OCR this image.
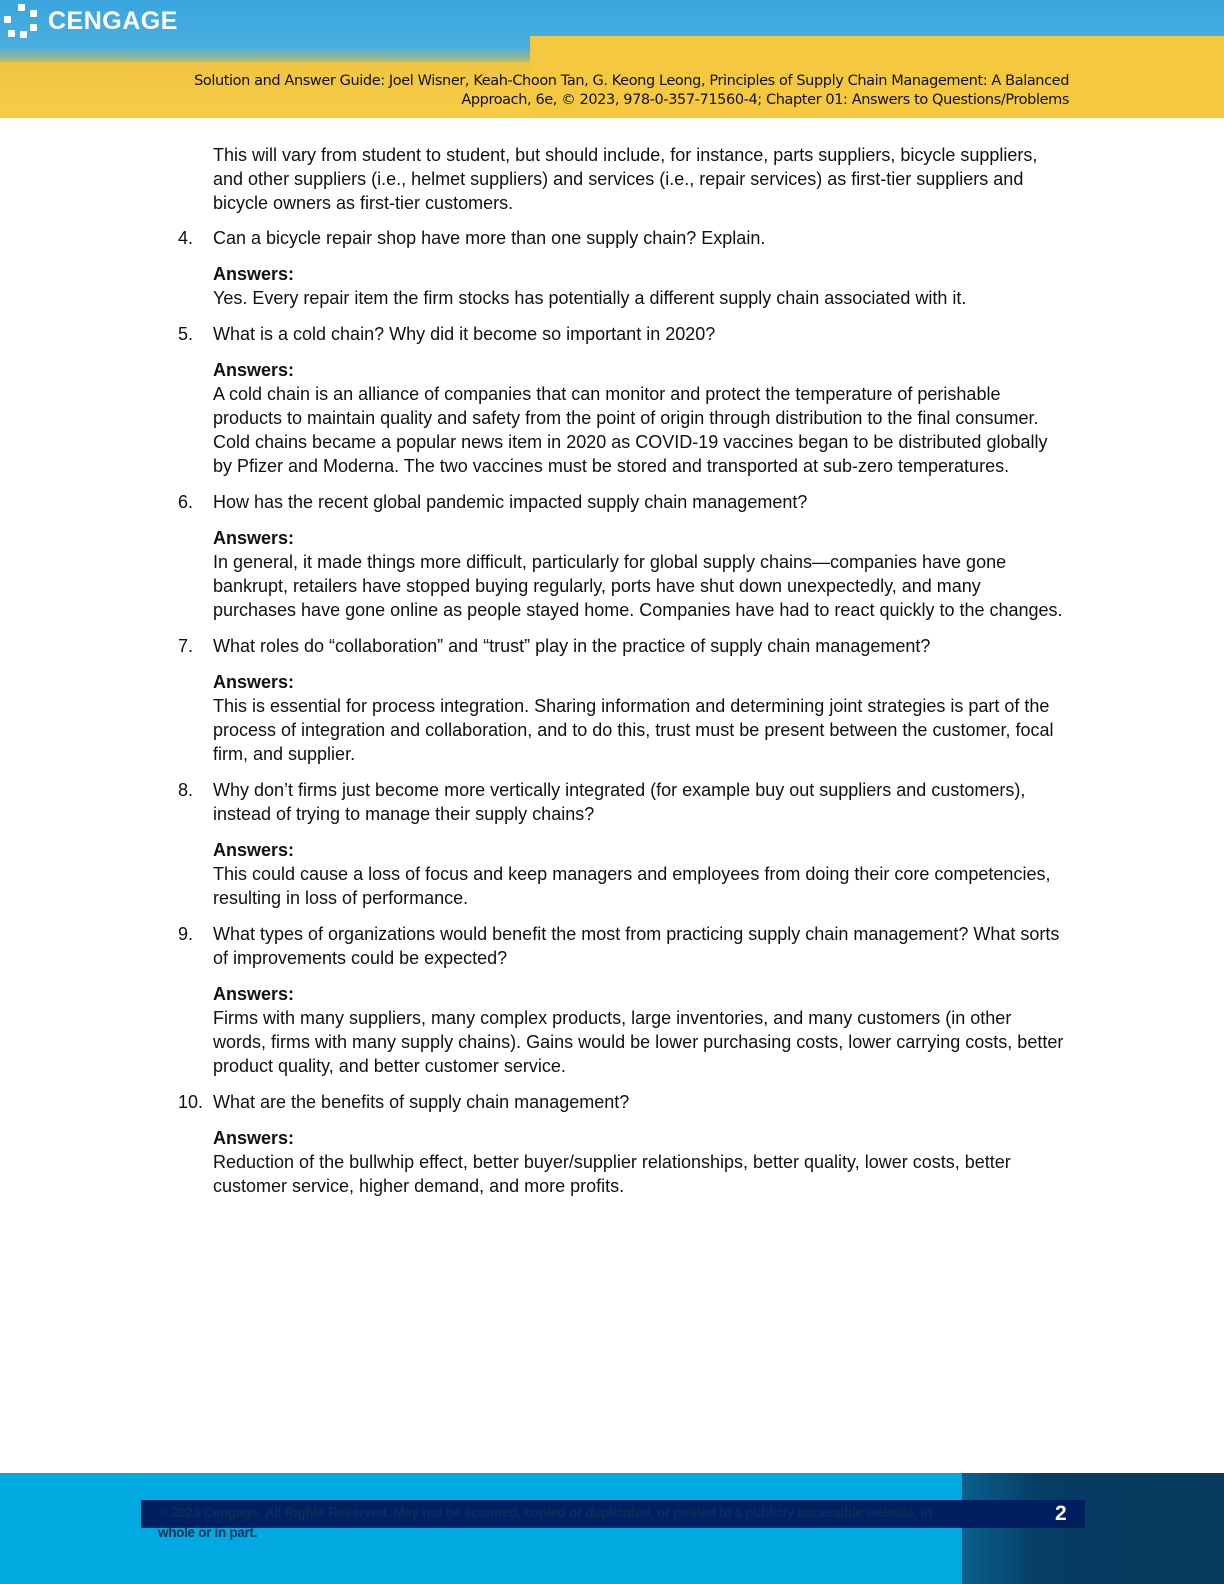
CENGAGE
Solution and Answer Guide: Joel Wisner, Keah-Choon Tan, G. Keong Leong, Principles of Supply Chain Management: A Balanced
Approach, 6e, © 2023, 978-0-357-71560-4; Chapter 01: Answers to Questions/Problems

This will vary from student to student, but should include, for instance, parts suppliers, bicycle suppliers, and other suppliers (i.e., helmet suppliers) and services (i.e., repair services) as first-tier suppliers and bicycle owners as first-tier customers.

4.	Can a bicycle repair shop have more than one supply chain? Explain.
Answers:
Yes. Every repair item the firm stocks has potentially a different supply chain associated with it.
5.	What is a cold chain? Why did it become so important in 2020?
Answers:
A cold chain is an alliance of companies that can monitor and protect the temperature of perishable products to maintain quality and safety from the point of origin through distribution to the final consumer. Cold chains became a popular news item in 2020 as COVID-19 vaccines began to be distributed globally by Pfizer and Moderna. The two vaccines must be stored and transported at sub-zero temperatures.
6.	How has the recent global pandemic impacted supply chain management?
Answers:
In general, it made things more difficult, particularly for global supply chains—companies have gone bankrupt, retailers have stopped buying regularly, ports have shut down unexpectedly, and many purchases have gone online as people stayed home. Companies have had to react quickly to the changes.
7.	What roles do “collaboration” and “trust” play in the practice of supply chain management?
Answers:
This is essential for process integration. Sharing information and determining joint strategies is part of the process of integration and collaboration, and to do this, trust must be present between the customer, focal firm, and supplier.
8.	Why don’t firms just become more vertically integrated (for example buy out suppliers and customers), instead of trying to manage their supply chains?
Answers:
This could cause a loss of focus and keep managers and employees from doing their core competencies, resulting in loss of performance.
9.	What types of organizations would benefit the most from practicing supply chain management? What sorts of improvements could be expected?
Answers:
Firms with many suppliers, many complex products, large inventories, and many customers (in other words, firms with many supply chains). Gains would be lower purchasing costs, lower carrying costs, better product quality, and better customer service.
10. What are the benefits of supply chain management?
Answers:
Reduction of the bullwhip effect, better buyer/supplier relationships, better quality, lower costs, better customer service, higher demand, and more profits.
© 2023 Cengage. All Rights Reserved. May not be scanned, copied or duplicated, or posted to a publicly accessible website, in whole or in part.
2
